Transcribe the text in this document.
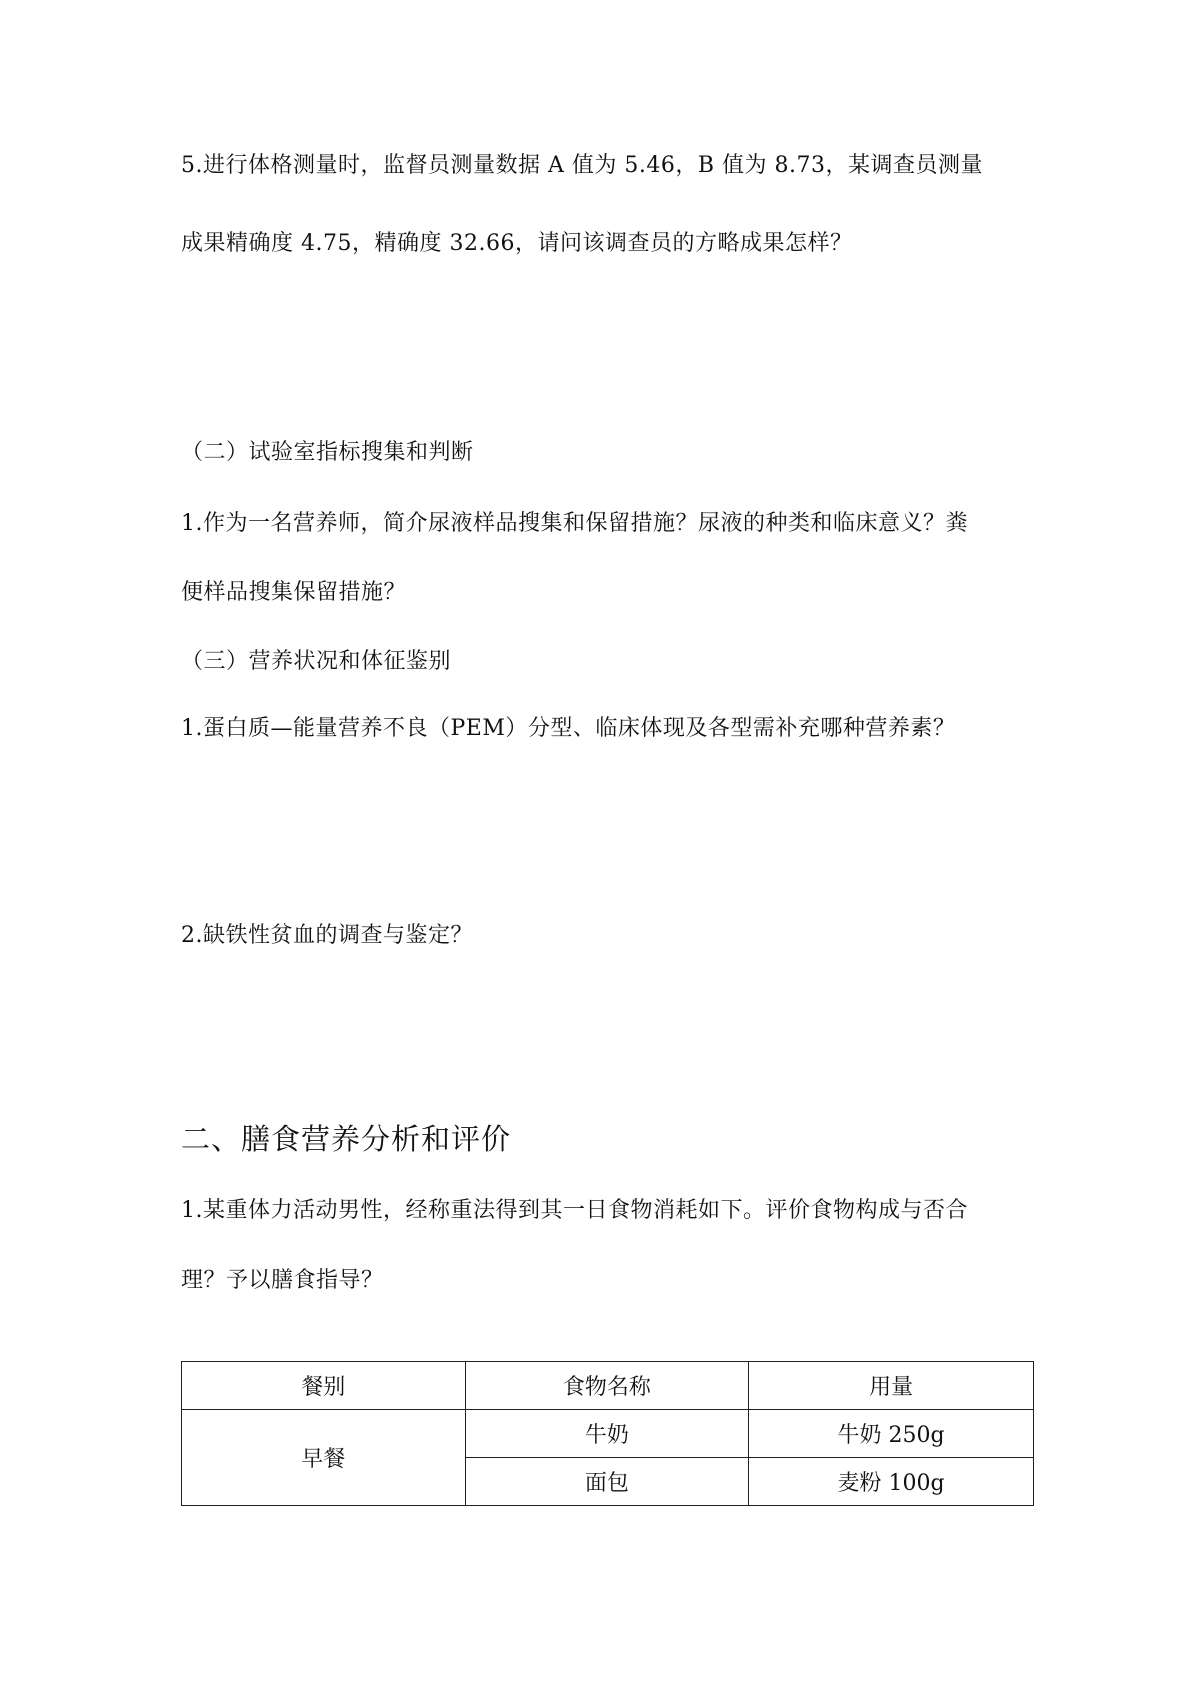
5.进行体格测量时，监督员测量数据 A 值为 5.46，B 值为 8.73，某调查员测量
成果精确度 4.75，精确度 32.66，请问该调查员的方略成果怎样？
（二）试验室指标搜集和判断
1.作为一名营养师，简介尿液样品搜集和保留措施？尿液的种类和临床意义？粪
便样品搜集保留措施？
（三）营养状况和体征鉴别
1.蛋白质—能量营养不良（PEM）分型、临床体现及各型需补充哪种营养素？
2.缺铁性贫血的调查与鉴定？
二、膳食营养分析和评价
1.某重体力活动男性，经称重法得到其一日食物消耗如下。评价食物构成与否合
理？予以膳食指导？
餐别	食物名称	用量
早餐	牛奶	牛奶 250g
	面包	麦粉 100g
